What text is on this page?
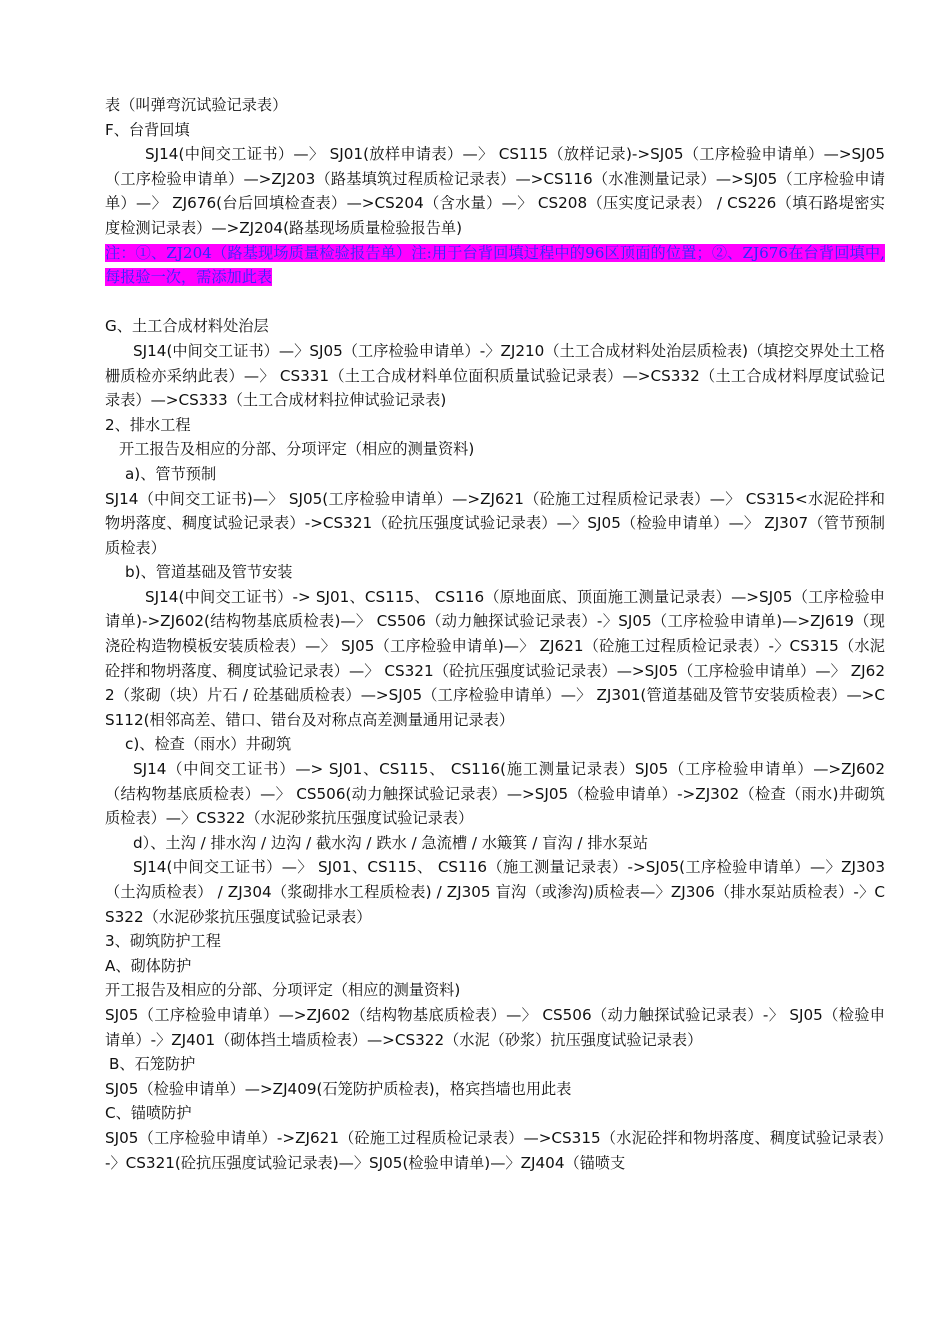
表（叫弹弯沉试验记录表）

F、台背回填

SJ14(中间交工证书）—〉 SJ01(放样申请表）—〉 CS115（放样记录)->SJ05（工序检验申请单）—>SJ05（工序检验申请单）—>ZJ203（路基填筑过程质检记录表）—>CS116（水准测量记录）—>SJ05（工序检验申请单）—〉 ZJ676(台后回填检查表）—>CS204（含水量）—〉 CS208（压实度记录表） / CS226（填石路堤密实度检测记录表）—>ZJ204(路基现场质量检验报告单)

注：①、ZJ204（路基现场质量检验报告单）注:用于台背回填过程中的96区顶面的位置；②、ZJ676在台背回填中,每报验一次，需添加此表

G、土工合成材料处治层

SJ14(中间交工证书）—〉SJ05（工序检验申请单）-〉ZJ210（土工合成材料处治层质检表)（填挖交界处土工格栅质检亦采纳此表）—〉 CS331（土工合成材料单位面积质量试验记录表）—>CS332（土工合成材料厚度试验记录表）—>CS333（土工合成材料拉伸试验记录表)

2、排水工程

开工报告及相应的分部、分项评定（相应的测量资料)

a)、管节预制

SJ14（中间交工证书)—〉 SJ05(工序检验申请单）—>ZJ621（砼施工过程质检记录表）—〉 CS315<水泥砼拌和物坍落度、稠度试验记录表）->CS321（砼抗压强度试验记录表）—〉SJ05（检验申请单）—〉 ZJ307（管节预制质检表）

b)、管道基础及管节安装

SJ14(中间交工证书）-> SJ01、CS115、 CS116（原地面底、顶面施工测量记录表）—>SJ05（工序检验申请单)->ZJ602(结构物基底质检表)—〉 CS506（动力触探试验记录表）-〉SJ05（工序检验申请单)—>ZJ619（现浇砼构造物模板安装质检表）—〉 SJ05（工序检验申请单)—〉 ZJ621（砼施工过程质检记录表）-〉CS315（水泥砼拌和物坍落度、稠度试验记录表）—〉 CS321（砼抗压强度试验记录表）—>SJ05（工序检验申请单）—〉 ZJ622（浆砌（块）片石 / 砼基础质检表）—>SJ05（工序检验申请单）—〉 ZJ301(管道基础及管节安装质检表）—>CS112(相邻高差、错口、错台及对称点高差测量通用记录表）

c)、检查（雨水）井砌筑

SJ14（中间交工证书）—> SJ01、CS115、 CS116(施工测量记录表）SJ05（工序检验申请单）—>ZJ602（结构物基底质检表）—〉 CS506(动力触探试验记录表）—>SJ05（检验申请单）->ZJ302（检查（雨水)井砌筑质检表）—〉CS322（水泥砂浆抗压强度试验记录表）

d）、土沟 / 排水沟 / 边沟 / 截水沟 / 跌水 / 急流槽 / 水簸箕 / 盲沟 / 排水泵站

SJ14(中间交工证书）—〉 SJ01、CS115、 CS116（施工测量记录表）->SJ05(工序检验申请单）—〉ZJ303（土沟质检表） / ZJ304（浆砌排水工程质检表) / ZJ305 盲沟（或渗沟)质检表—〉ZJ306（排水泵站质检表）-〉CS322（水泥砂浆抗压强度试验记录表）

3、砌筑防护工程

A、砌体防护

开工报告及相应的分部、分项评定（相应的测量资料)

SJ05（工序检验申请单）—>ZJ602（结构物基底质检表）—〉 CS506（动力触探试验记录表）-〉 SJ05（检验申请单）-〉ZJ401（砌体挡土墙质检表）—>CS322（水泥（砂浆）抗压强度试验记录表）

B、石笼防护

SJ05（检验申请单）—>ZJ409(石笼防护质检表)，格宾挡墙也用此表

C、锚喷防护

SJ05（工序检验申请单）->ZJ621（砼施工过程质检记录表）—>CS315（水泥砼拌和物坍落度、稠度试验记录表）-〉CS321(砼抗压强度试验记录表)—〉SJ05(检验申请单)—〉ZJ404（锚喷支
